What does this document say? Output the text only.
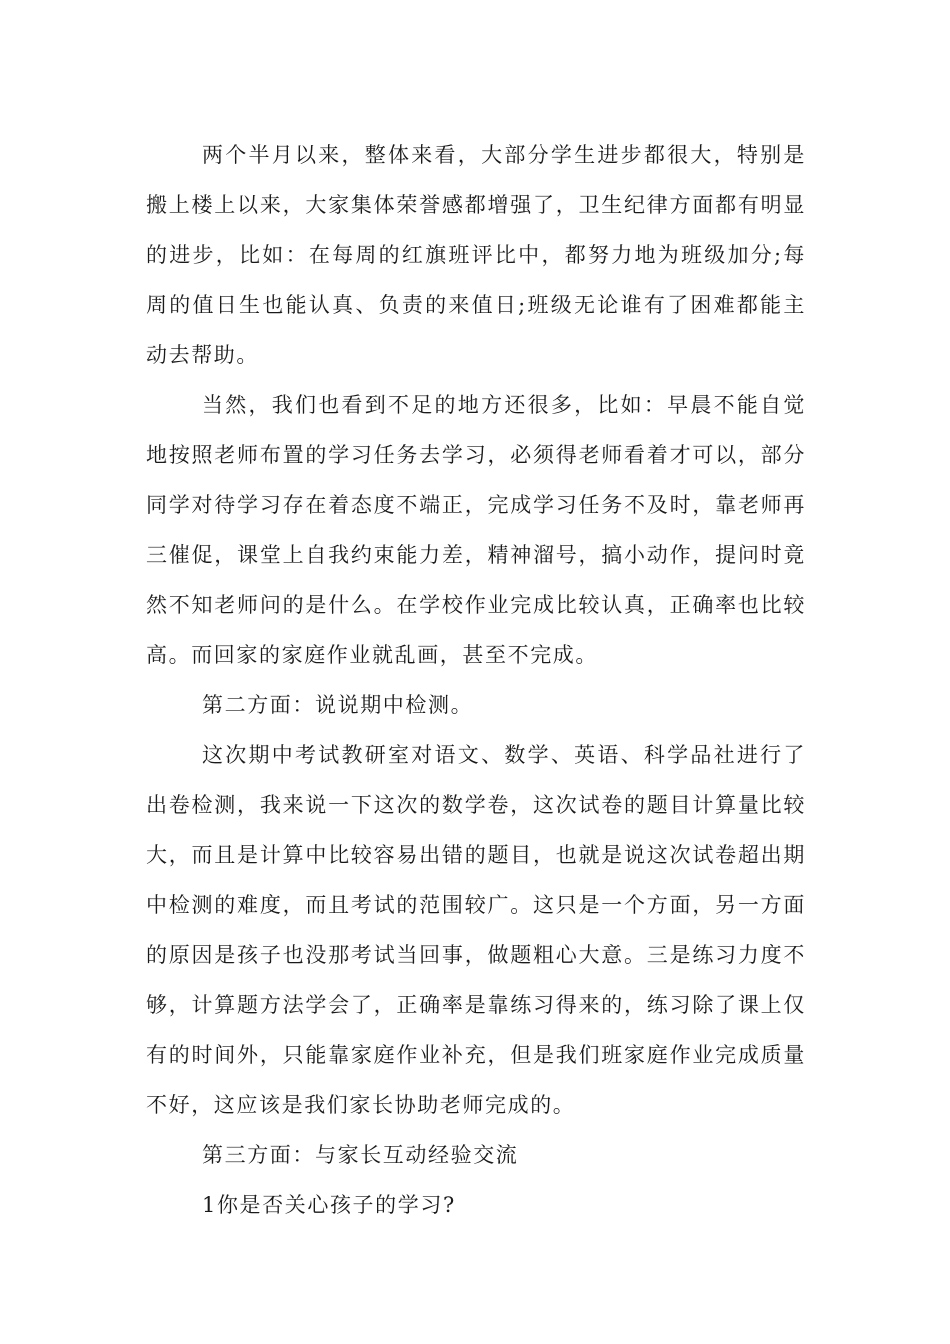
两个半月以来，整体来看，大部分学生进步都很大，特别是搬上楼上以来，大家集体荣誉感都增强了，卫生纪律方面都有明显的进步，比如：在每周的红旗班评比中，都努力地为班级加分;每周的值日生也能认真、负责的来值日;班级无论谁有了困难都能主动去帮助。

当然，我们也看到不足的地方还很多，比如：早晨不能自觉地按照老师布置的学习任务去学习，必须得老师看着才可以，部分同学对待学习存在着态度不端正，完成学习任务不及时，靠老师再三催促，课堂上自我约束能力差，精神溜号，搞小动作，提问时竟然不知老师问的是什么。在学校作业完成比较认真，正确率也比较高。而回家的家庭作业就乱画，甚至不完成。

第二方面：说说期中检测。

这次期中考试教研室对语文、数学、英语、科学品社进行了出卷检测，我来说一下这次的数学卷，这次试卷的题目计算量比较大，而且是计算中比较容易出错的题目，也就是说这次试卷超出期中检测的难度，而且考试的范围较广。这只是一个方面，另一方面的原因是孩子也没那考试当回事，做题粗心大意。三是练习力度不够，计算题方法学会了，正确率是靠练习得来的，练习除了课上仅有的时间外，只能靠家庭作业补充，但是我们班家庭作业完成质量不好，这应该是我们家长协助老师完成的。

第三方面：与家长互动经验交流

1你是否关心孩子的学习?
